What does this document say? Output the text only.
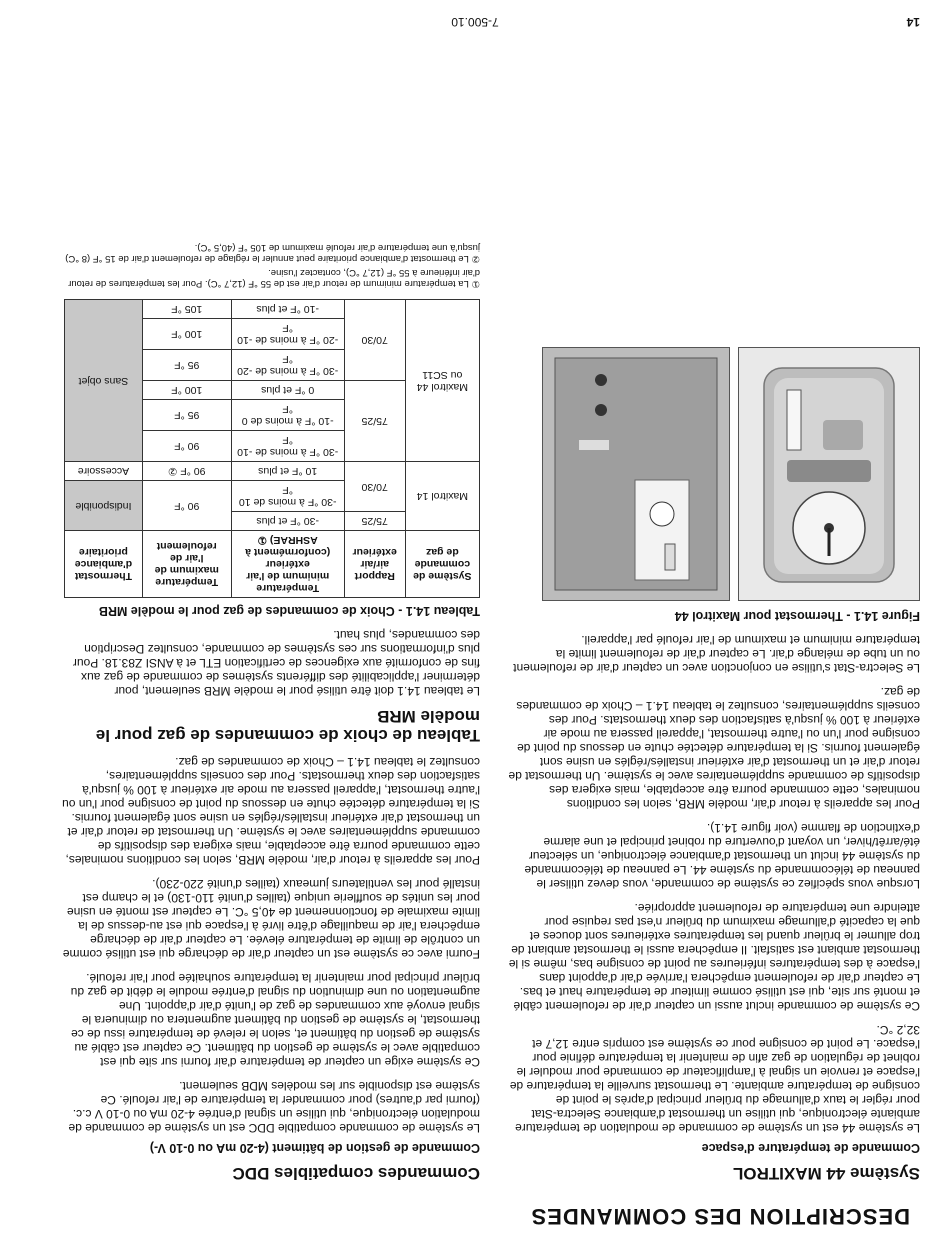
DESCRIPTION DES COMMANDES
Système 44 MAXITROL
Commande de température d'espace

Le système 44 est un système de commande de modulation de température ambiante électronique, qui utilise un thermostat d'ambiance Selectra-Stat pour régler le taux d'allumage du brûleur principal d'après le point de consigne de température ambiante. Le thermostat surveille la température de l'espace et renvoie un signal à l'amplificateur de commande pour moduler le robinet de régulation de gaz afin de maintenir la température définie pour l'espace. Le point de consigne pour ce système est compris entre 12,7 et 32,2 °C.

Ce système de commande inclut aussi un capteur d'air de refoulement câblé et monté sur site, qui est utilisé comme limiteur de température haut et bas. Le capteur d'air de refoulement empêchera l'arrivée d'air d'appoint dans l'espace à des températures inférieures au point de consigne bas, même si le thermostat ambiant est satisfait. Il empêchera aussi le thermostat ambiant de trop allumer le brûleur quand les températures extérieures sont douces et que la capacité d'allumage maximum du brûleur n'est pas requise pour atteindre une température de refoulement appropriée.

Lorsque vous spécifiez ce système de commande, vous devez utiliser le panneau de télécommande du système 44. Le panneau de télécommande du système 44 inclut un thermostat d'ambiance électronique, un sélecteur été/arrêt/hiver, un voyant d'ouverture du robinet principal et une alarme d'extinction de flamme (voir figure 14.1).

Pour les appareils à retour d'air, modèle MRB, selon les conditions nominales, cette commande pourra être acceptable, mais exigera des dispositifs de commande supplémentaires avec le système. Un thermostat de retour d'air et un thermostat d'air extérieur installés/réglés en usine sont également fournis. Si la température détectée chute en dessous du point de consigne pour l'un ou l'autre thermostat, l'appareil passera au mode air extérieur à 100 % jusqu'à satisfaction des deux thermostats. Pour des conseils supplémentaires, consultez le tableau 14.1 – Choix de commandes de gaz.

Le Selectra-Stat s'utilise en conjonction avec un capteur d'air de refoulement ou un tube de mélange d'air. Le capteur d'air de refoulement limite la température minimum et maximum de l'air refoulé par l'appareil.

Figure 14.1 - Thermostat pour Maxitrol 44
Commandes compatibles DDC
Commande de gestion de bâtiment (4-20 mA ou 0-10 V-)

Le système de commande compatible DDC est un système de commande de modulation électronique, qui utilise un signal d'entrée 4-20 mA ou 0-10 V c.c. (fourni par d'autres) pour commander la température de l'air refoulé. Ce système est disponible sur les modèles MDB seulement.

Ce système exige un capteur de température d'air fourni sur site qui est compatible avec le système de gestion du bâtiment. Ce capteur est câblé au système de gestion du bâtiment et, selon le relevé de température issu de ce thermostat, le système de gestion du bâtiment augmentera ou diminuera le signal envoyé aux commandes de gaz de l'unité d'air d'appoint. Une augmentation ou une diminution du signal d'entrée module le débit de gaz du brûleur principal pour maintenir la température souhaitée pour l'air refoulé.

Fourni avec ce système est un capteur d'air de décharge qui est utilisé comme un contrôle de limite de température élevée. Le capteur d'air de décharge empêchera l'air de maquillage d'être livré à l'espace qui est au-dessus de la limite maximale de fonctionnement de 40,5 °C. Le capteur est monté en usine pour les unités de soufflerie unique (tailles d'unité 110-130) et le champ est installé pour les ventilateurs jumeaux (tailles d'unité 220-230).

Pour les appareils à retour d'air, modèle MRB, selon les conditions nominales, cette commande pourra être acceptable, mais exigera des dispositifs de commande supplémentaires avec le système. Un thermostat de retour d'air et un thermostat d'air extérieur installés/réglés en usine sont également fournis. Si la température détectée chute en dessous du point de consigne pour l'un ou l'autre thermostat, l'appareil passera au mode air extérieur à 100 % jusqu'à satisfaction des deux thermostats. Pour des conseils supplémentaires, consultez le tableau 14.1 – Choix de commandes de gaz.

Tableau de choix de commandes de gaz pour le modèle MRB

Le tableau 14.1 doit être utilisé pour le modèle MRB seulement, pour déterminer l'applicabilité des différents systèmes de commande de gaz aux fins de conformité aux exigences de certification ETL et à ANSI Z83.18. Pour plus d'informations sur ces systèmes de commande, consultez Description des commandes, plus haut.

Tableau 14.1 - Choix de commandes de gaz pour le modèle MRB
Système de commande de gaz	Rapport air/air extérieur	Température minimum de l'air extérieur (conformément à ASHRAE) ①	Température maximum de l'air de refoulement	Thermostat d'ambiance prioritaire
Maxitrol 14	75/25	-30 °F et plus	90 °F	Indisponible
	70/30	-30 °F à moins de 10 °F		
		10 °F et plus	90 °F ②	Accessoire
Maxitrol 44 ou SC11	75/25	-30 °F à moins de -10 °F	90 °F	Sans objet
		-10 °F à moins de 0 °F	95 °F	
		0 °F et plus	100 °F	
	70/30	-30 °F à moins de -20 °F	95 °F	
		-20 °F à moins de -10 °F	100 °F	
		-10 °F et plus	105 °F	

① La température minimum de retour d'air est de 55 °F (12,7 °C). Pour les températures de retour d'air inférieure à 55 °F (12,7 °C), contactez l'usine.

② Le thermostat d'ambiance prioritaire peut annuler le réglage de refoulement d'air de 15 °F (8 °C) jusqu'à une température d'air refoulé maximum de 105 °F (40,5 °C).

14
7-500.10
